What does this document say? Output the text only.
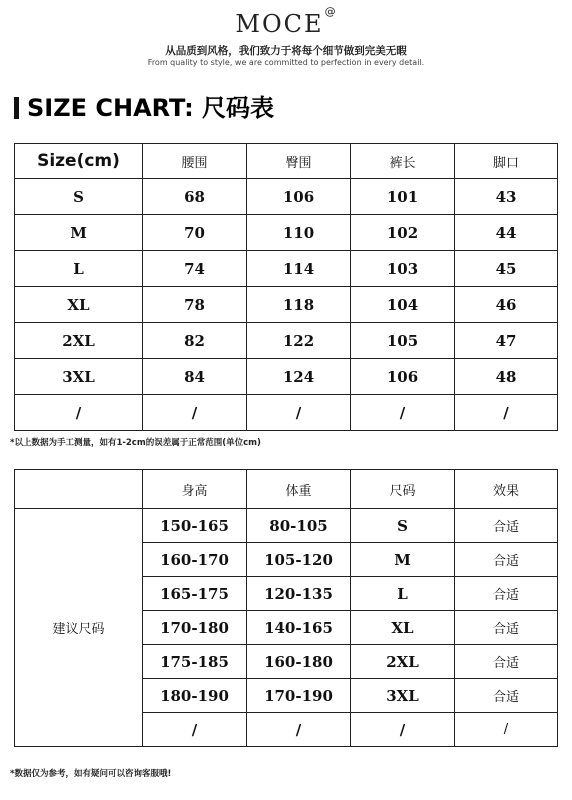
MOCE@
从品质到风格，我们致力于将每个细节做到完美无暇
From quality to style, we are committed to perfection in every detail.
SIZE CHART: 尺码表
Size(cm)	腰围	臀围	裤长	脚口
S	68	106	101	43
M	70	110	102	44
L	74	114	103	45
XL	78	118	104	46
2XL	82	122	105	47
3XL	84	124	106	48
/	/	/	/	/
*以上数据为手工测量，如有1-2cm的误差属于正常范围(单位cm)
	身高	体重	尺码	效果
建议尺码	150-165	80-105	S	合适
	160-170	105-120	M	合适
	165-175	120-135	L	合适
	170-180	140-165	XL	合适
	175-185	160-180	2XL	合适
	180-190	170-190	3XL	合适
	/	/	/	/
*数据仅为参考，如有疑问可以咨询客服哦!
